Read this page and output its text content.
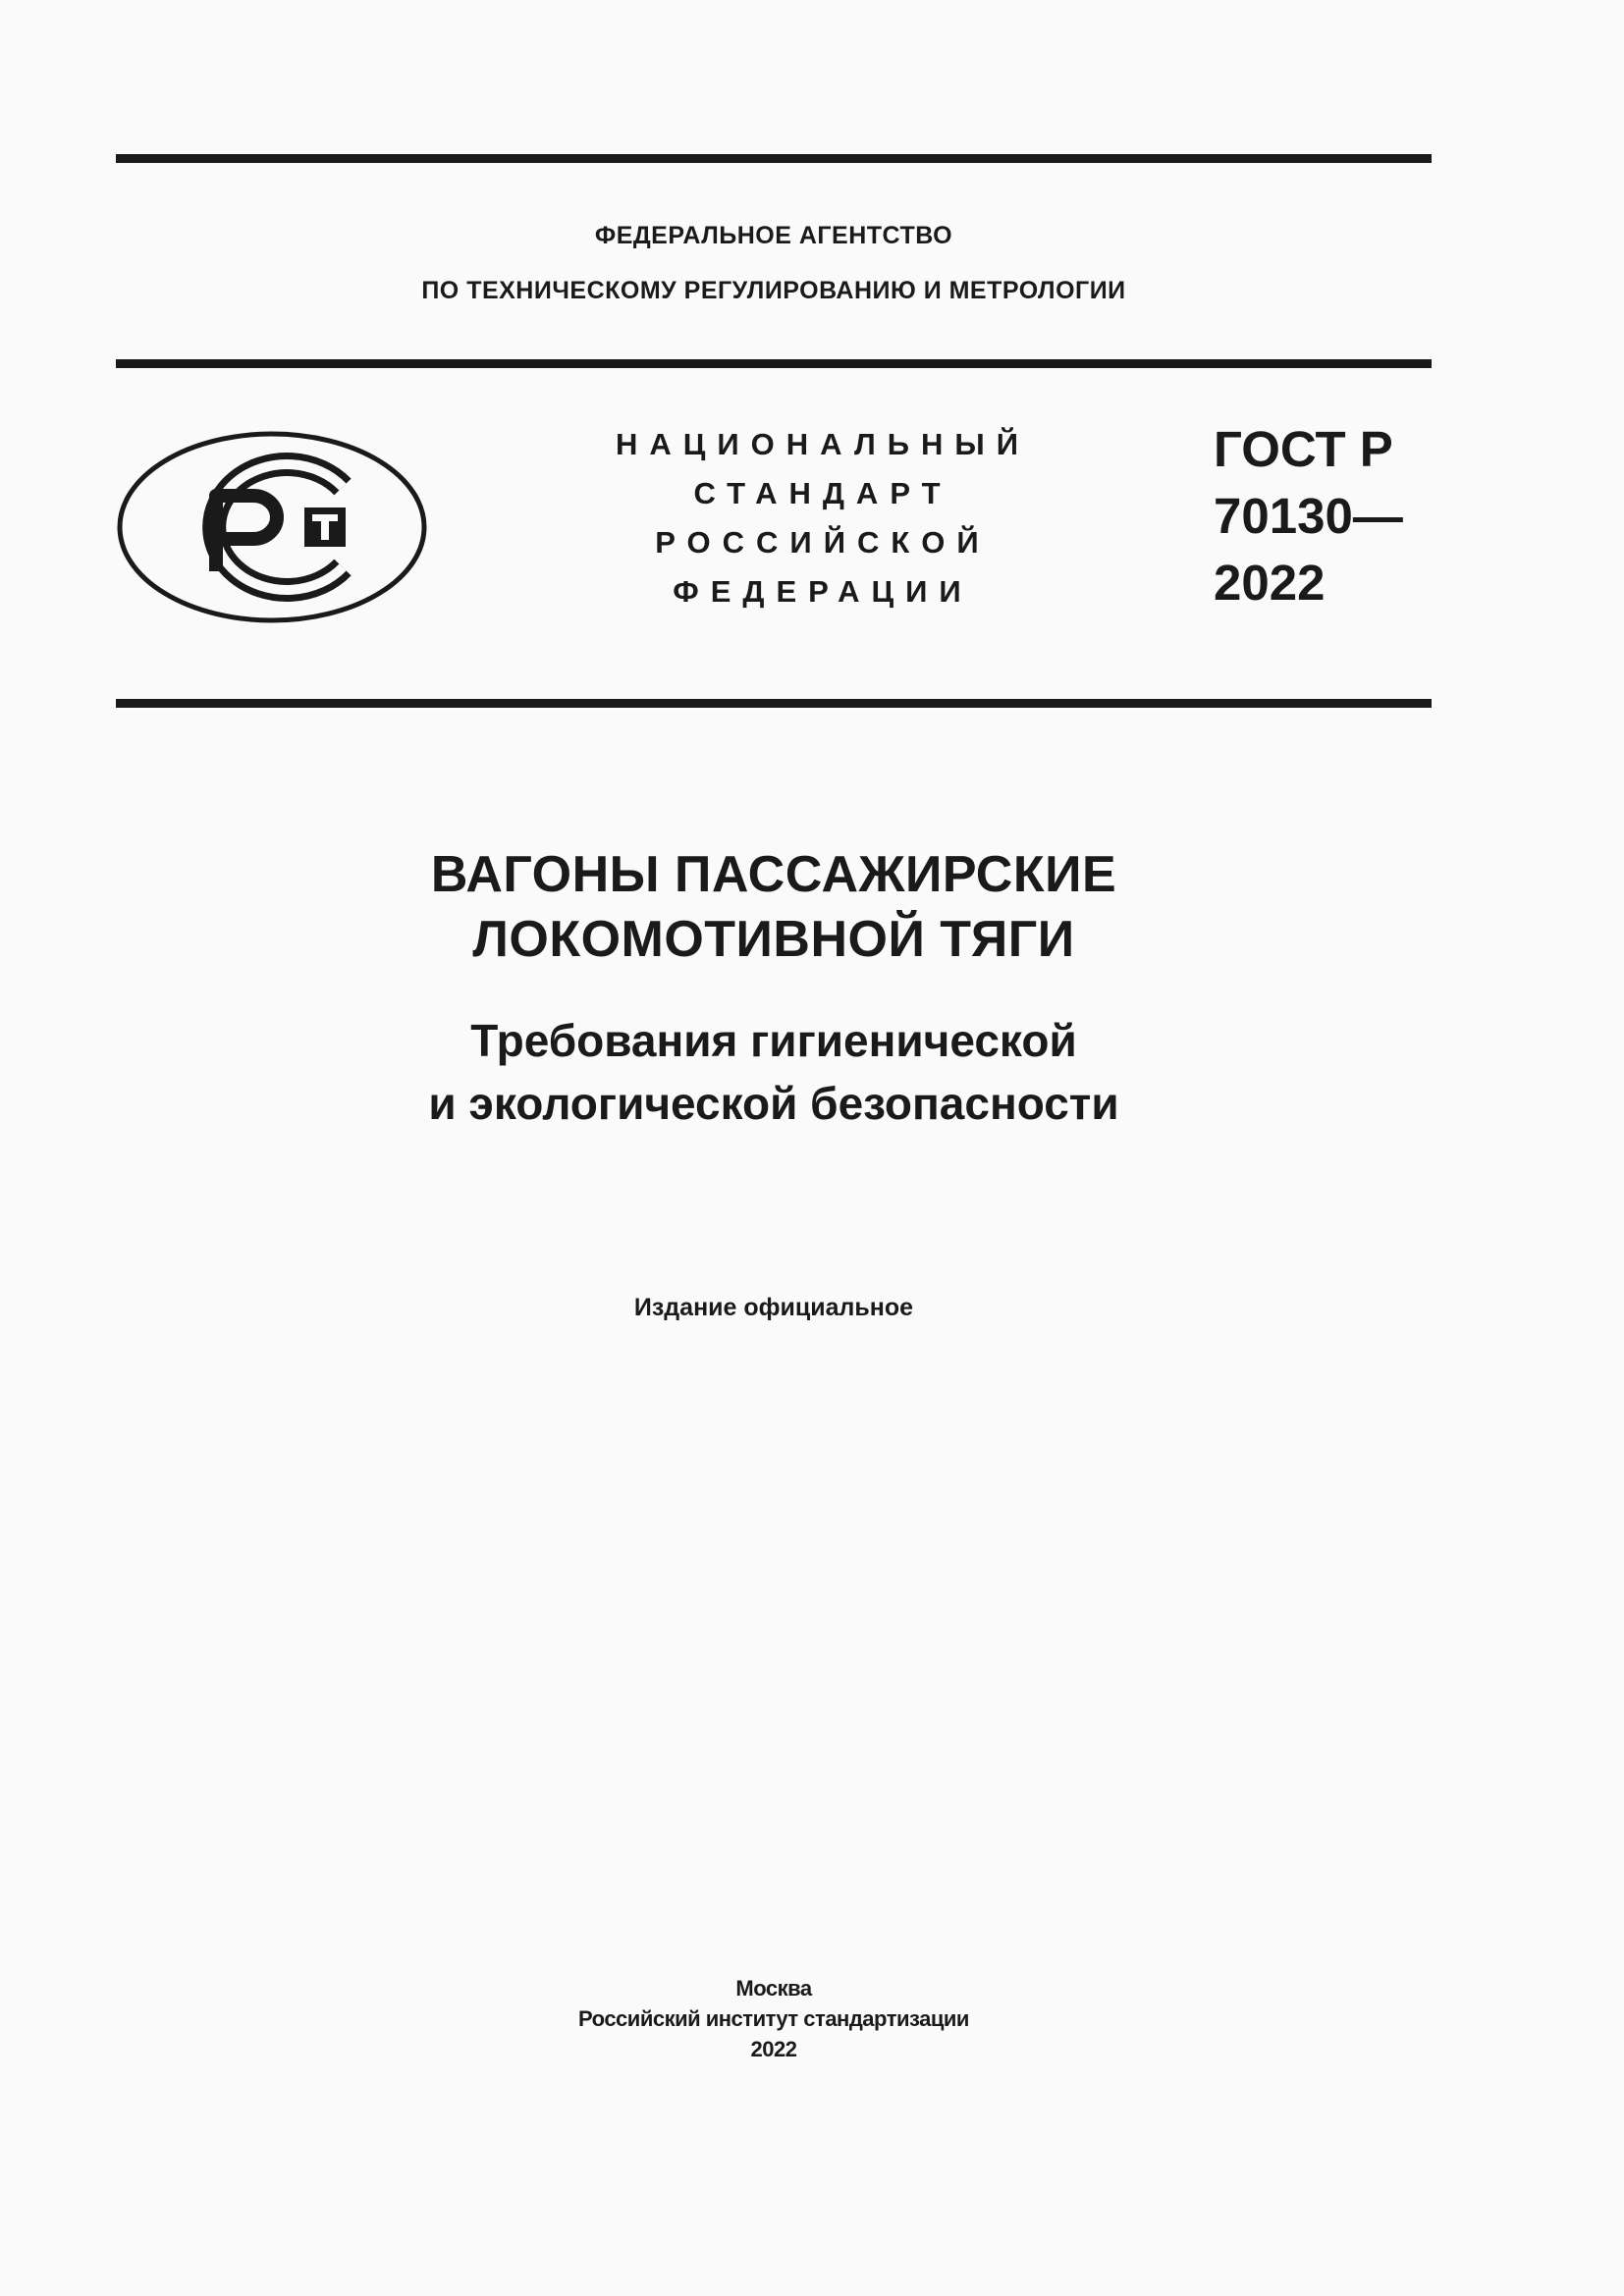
ФЕДЕРАЛЬНОЕ АГЕНТСТВО
ПО ТЕХНИЧЕСКОМУ РЕГУЛИРОВАНИЮ И МЕТРОЛОГИИ
НАЦИОНАЛЬНЫЙ
СТАНДАРТ
РОССИЙСКОЙ
ФЕДЕРАЦИИ
ГОСТ Р
70130—
2022
ВАГОНЫ ПАССАЖИРСКИЕ
ЛОКОМОТИВНОЙ ТЯГИ
Требования гигиенической
и экологической безопасности
Издание официальное
Москва
Российский институт стандартизации
2022
